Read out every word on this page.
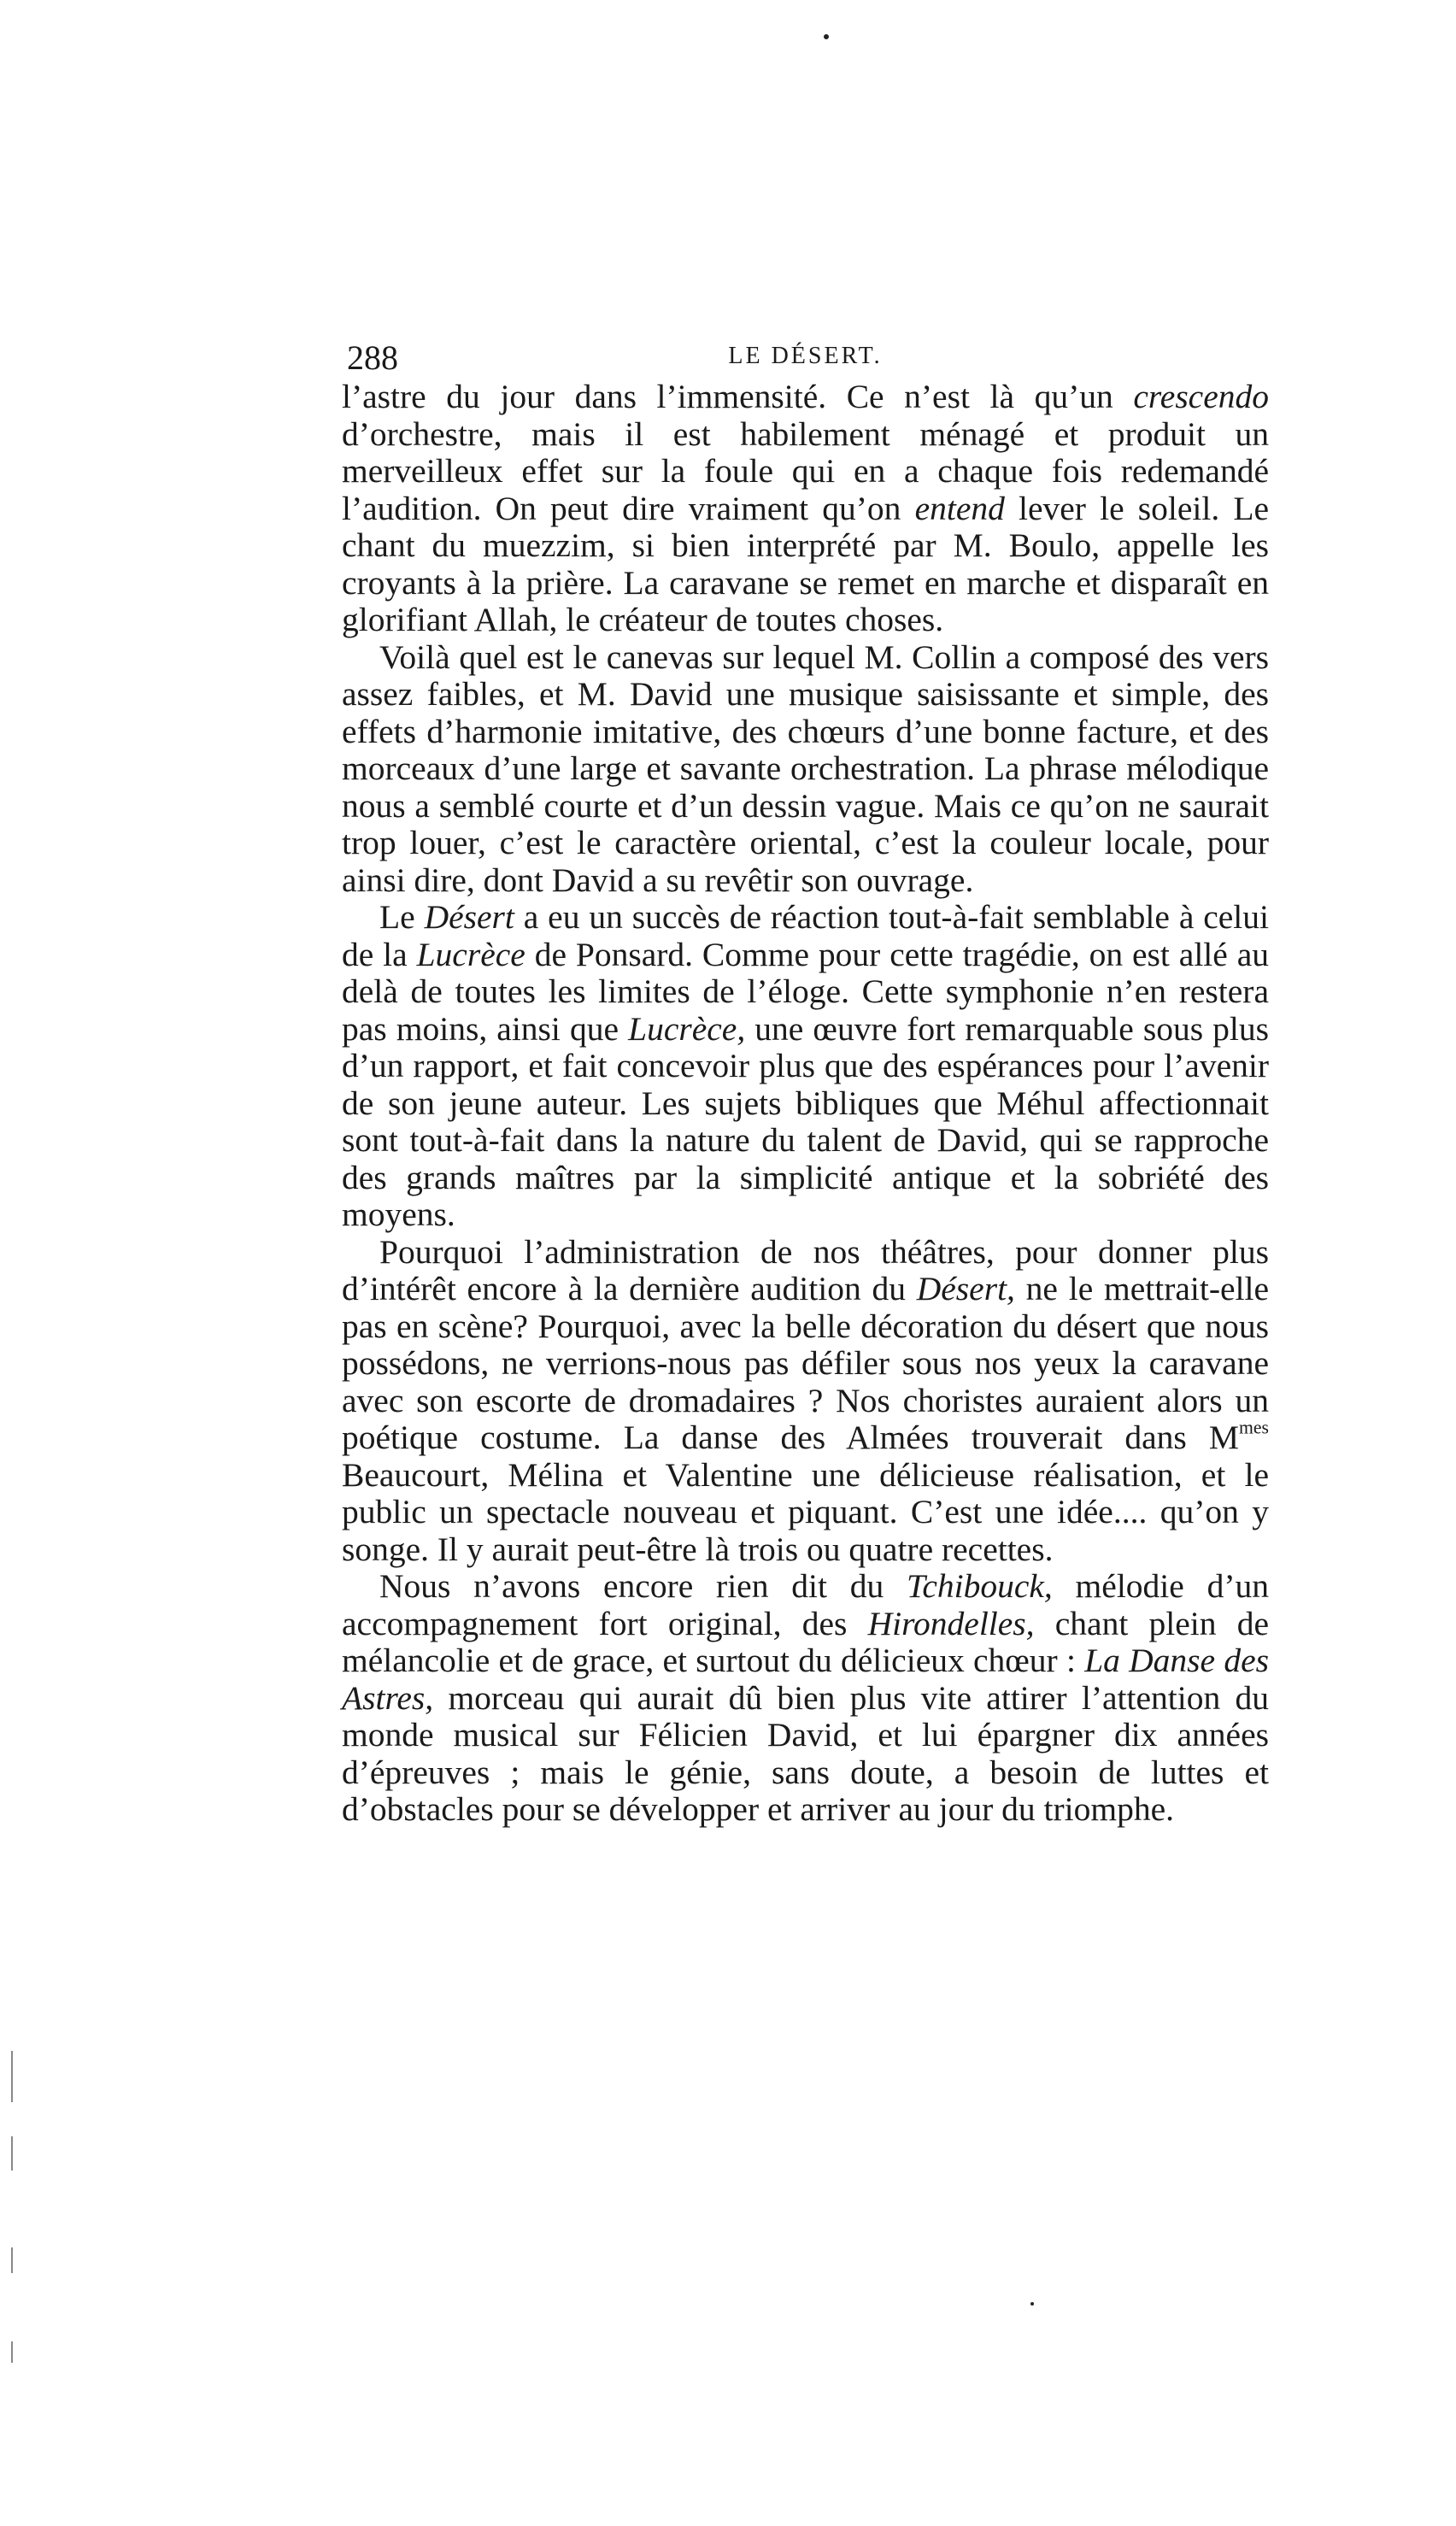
288	LE DÉSERT.

l’astre du jour dans l’immensité. Ce n’est là qu’un crescendo d’orchestre, mais il est habilement ménagé et produit un merveilleux effet sur la foule qui en a chaque fois redemandé l’audition. On peut dire vraiment qu’on entend lever le soleil. Le chant du muezzim, si bien interprété par M. Boulo, appelle les croyants à la prière. La caravane se remet en marche et disparaît en glorifiant Allah, le créateur de toutes choses.

Voilà quel est le canevas sur lequel M. Collin a composé des vers assez faibles, et M. David une musique saisissante et simple, des effets d’harmonie imitative, des chœurs d’une bonne facture, et des morceaux d’une large et savante orchestration. La phrase mélodique nous a semblé courte et d’un dessin vague. Mais ce qu’on ne saurait trop louer, c’est le caractère oriental, c’est la couleur locale, pour ainsi dire, dont David a su revêtir son ouvrage.

Le Désert a eu un succès de réaction tout-à-fait semblable à celui de la Lucrèce de Ponsard. Comme pour cette tragédie, on est allé au delà de toutes les limites de l’éloge. Cette symphonie n’en restera pas moins, ainsi que Lucrèce, une œuvre fort remarquable sous plus d’un rapport, et fait concevoir plus que des espérances pour l’avenir de son jeune auteur. Les sujets bibliques que Méhul affectionnait sont tout-à-fait dans la nature du talent de David, qui se rapproche des grands maîtres par la simplicité antique et la sobriété des moyens.

Pourquoi l’administration de nos théâtres, pour donner plus d’intérêt encore à la dernière audition du Désert, ne le mettrait-elle pas en scène? Pourquoi, avec la belle décoration du désert que nous possédons, ne verrions-nous pas défiler sous nos yeux la caravane avec son escorte de dromadaires ? Nos choristes auraient alors un poétique costume. La danse des Almées trouverait dans $M^{mes}$ Beaucourt, Mélina et Valentine une délicieuse réalisation, et le public un spectacle nouveau et piquant. C’est une idée.... qu’on y songe. Il y aurait peut-être là trois ou quatre recettes.

Nous n’avons encore rien dit du Tchibouck, mélodie d’un accompagnement fort original, des Hirondelles, chant plein de mélancolie et de grace, et surtout du délicieux chœur : La Danse des Astres, morceau qui aurait dû bien plus vite attirer l’attention du monde musical sur Félicien David, et lui épargner dix années d’épreuves ; mais le génie, sans doute, a besoin de luttes et d’obstacles pour se développer et arriver au jour du triomphe.
